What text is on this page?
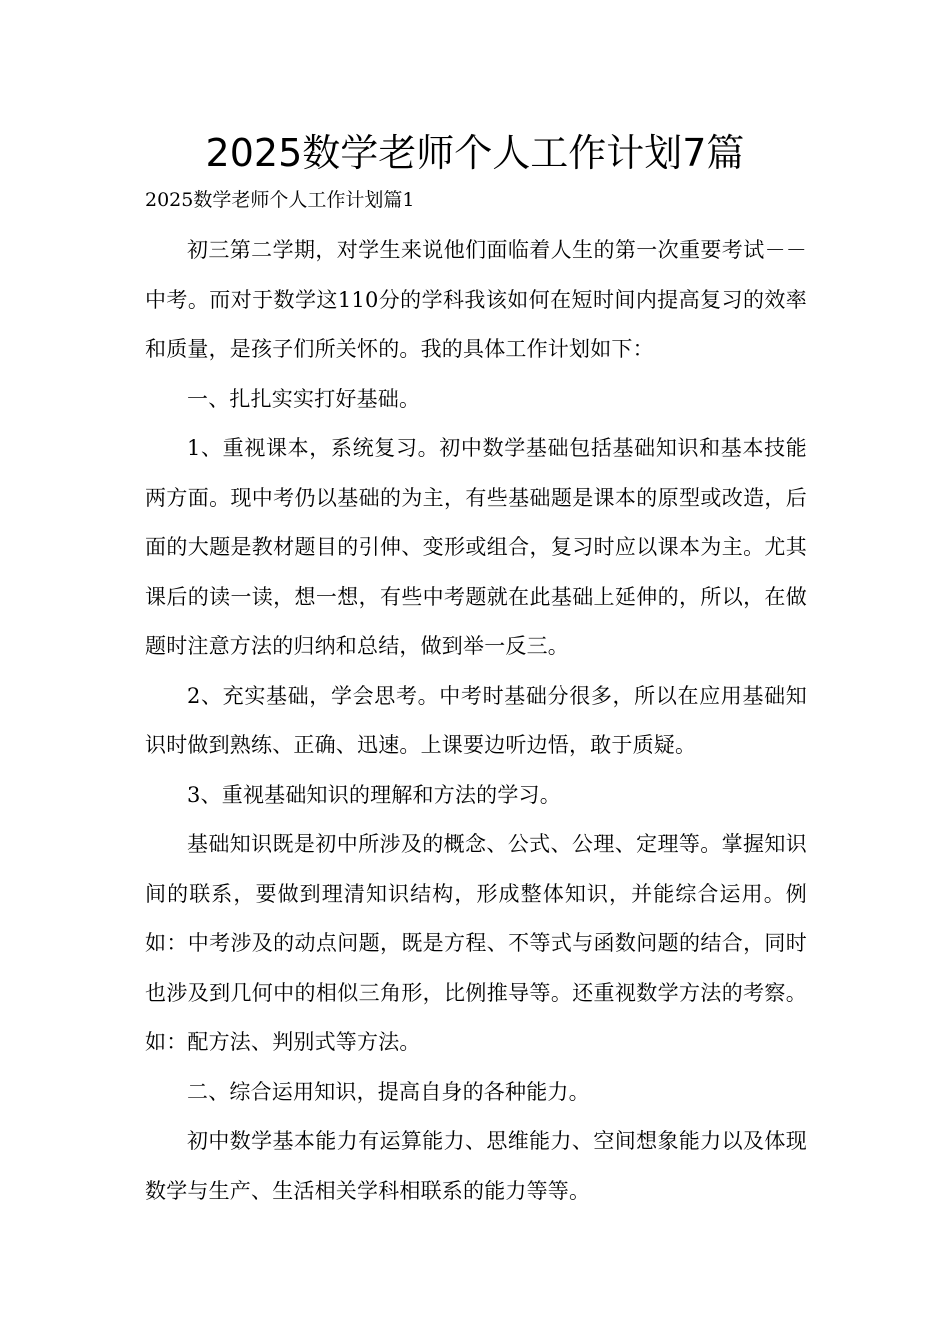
2025数学老师个人工作计划7篇

2025数学老师个人工作计划篇1

初三第二学期，对学生来说他们面临着人生的第一次重要考试－－中考。而对于数学这110分的学科我该如何在短时间内提高复习的效率和质量，是孩子们所关怀的。我的具体工作计划如下：

一、扎扎实实打好基础。

1、重视课本，系统复习。初中数学基础包括基础知识和基本技能两方面。现中考仍以基础的为主，有些基础题是课本的原型或改造，后面的大题是教材题目的引伸、变形或组合，复习时应以课本为主。尤其课后的读一读，想一想，有些中考题就在此基础上延伸的，所以，在做题时注意方法的归纳和总结，做到举一反三。

2、充实基础，学会思考。中考时基础分很多，所以在应用基础知识时做到熟练、正确、迅速。上课要边听边悟，敢于质疑。

3、重视基础知识的理解和方法的学习。

基础知识既是初中所涉及的概念、公式、公理、定理等。掌握知识间的联系，要做到理清知识结构，形成整体知识，并能综合运用。例如：中考涉及的动点问题，既是方程、不等式与函数问题的结合，同时也涉及到几何中的相似三角形，比例推导等。还重视数学方法的考察。如：配方法、判别式等方法。

二、综合运用知识，提高自身的各种能力。

初中数学基本能力有运算能力、思维能力、空间想象能力以及体现数学与生产、生活相关学科相联系的能力等等。
